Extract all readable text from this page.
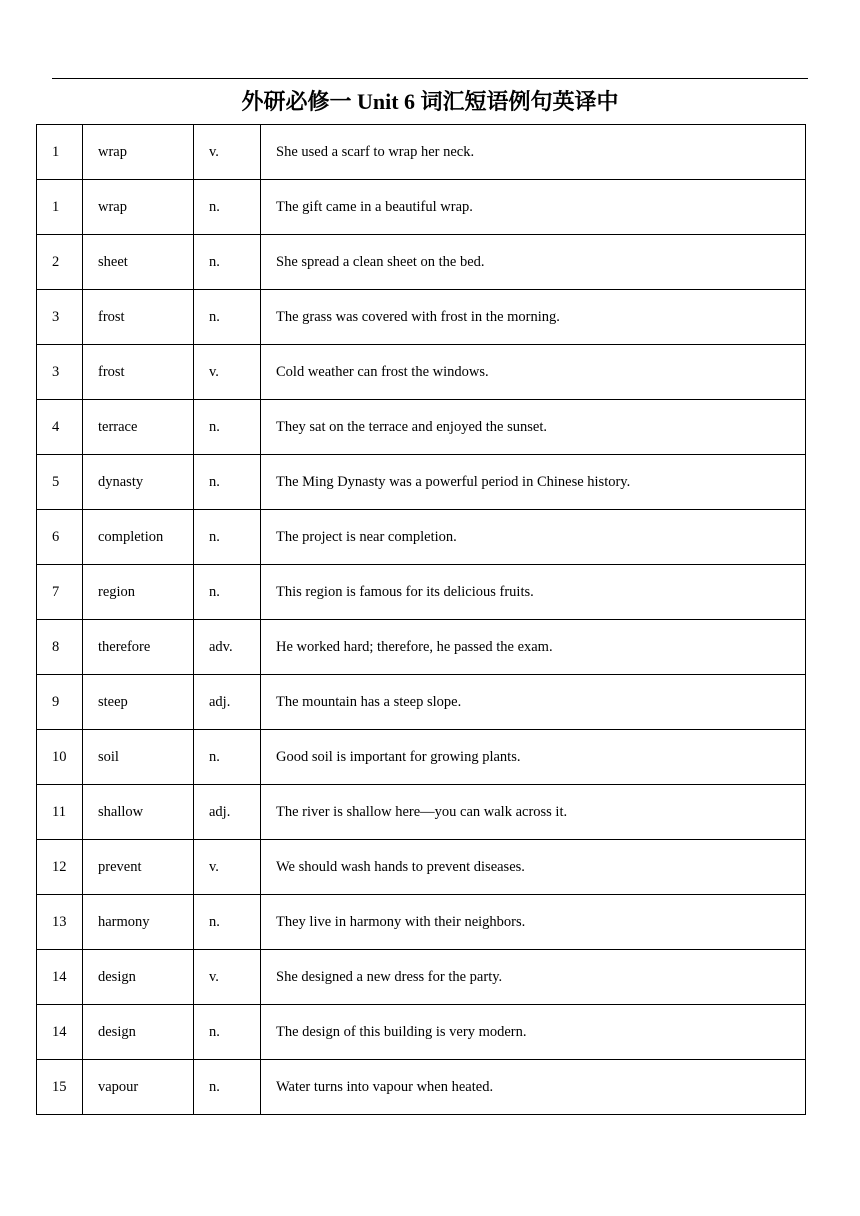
外研必修一 Unit 6 词汇短语例句英译中
1	wrap	v.	She used a scarf to wrap her neck.
1	wrap	n.	The gift came in a beautiful wrap.
2	sheet	n.	She spread a clean sheet on the bed.
3	frost	n.	The grass was covered with frost in the morning.
3	frost	v.	Cold weather can frost the windows.
4	terrace	n.	They sat on the terrace and enjoyed the sunset.
5	dynasty	n.	The Ming Dynasty was a powerful period in Chinese history.
6	completion	n.	The project is near completion.
7	region	n.	This region is famous for its delicious fruits.
8	therefore	adv.	He worked hard; therefore, he passed the exam.
9	steep	adj.	The mountain has a steep slope.
10	soil	n.	Good soil is important for growing plants.
11	shallow	adj.	The river is shallow here—you can walk across it.
12	prevent	v.	We should wash hands to prevent diseases.
13	harmony	n.	They live in harmony with their neighbors.
14	design	v.	She designed a new dress for the party.
14	design	n.	The design of this building is very modern.
15	vapour	n.	Water turns into vapour when heated.
